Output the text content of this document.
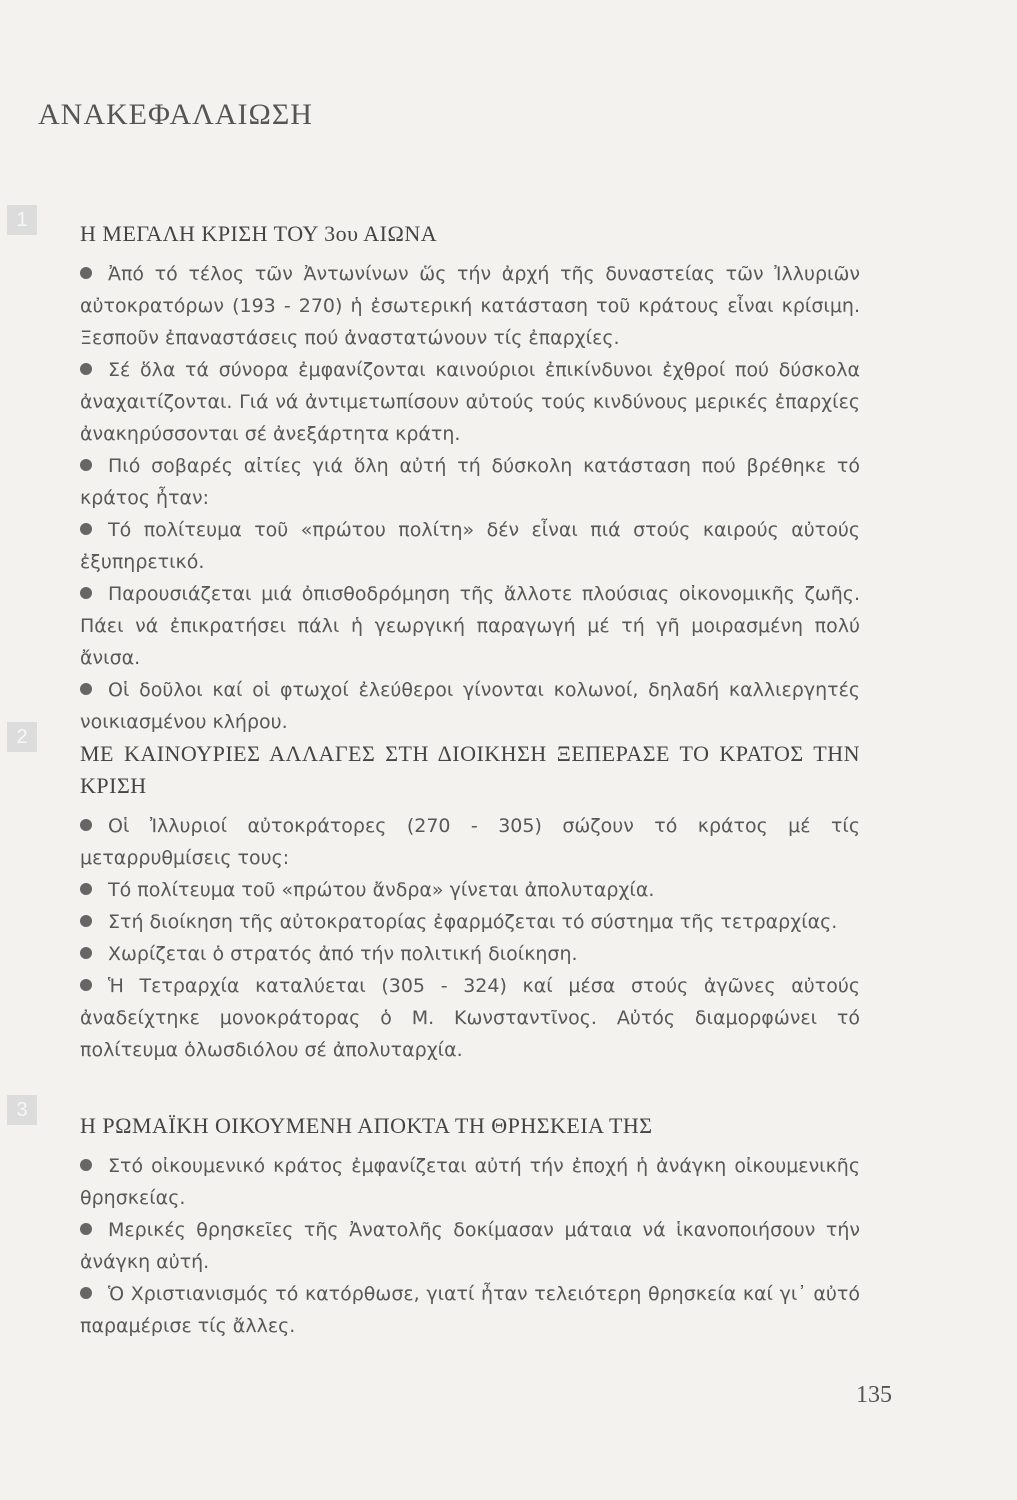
ΑΝΑΚΕΦΑΛΑΙΩΣΗ
1
Η ΜΕΓΑΛΗ ΚΡΙΣΗ ΤΟΥ 3ου ΑΙΩΝΑ

Ἀπό τό τέλος τῶν Ἀντωνίνων ὥς τήν ἀρχή τῆς δυναστείας τῶν Ἰλλυριῶν αὐτοκρατόρων (193 - 270) ἡ ἐσωτερική κατάσταση τοῦ κράτους εἶναι κρίσιμη. Ξεσποῦν ἐπαναστάσεις πού ἀναστατώνουν τίς ἐπαρχίες.

Σέ ὅλα τά σύνορα ἐμφανίζονται καινούριοι ἐπικίνδυνοι ἐχθροί πού δύσκολα ἀναχαιτίζονται. Γιά νά ἀντιμετωπίσουν αὐτούς τούς κινδύνους μερικές ἐπαρχίες ἀνακηρύσσονται σέ ἀνεξάρτητα κράτη.

Πιό σοβαρές αἰτίες γιά ὅλη αὐτή τή δύσκολη κατάσταση πού βρέθηκε τό κράτος ἦταν:

Τό πολίτευμα τοῦ «πρώτου πολίτη» δέν εἶναι πιά στούς καιρούς αὐτούς ἐξυπηρετικό.

Παρουσιάζεται μιά ὀπισθοδρόμηση τῆς ἄλλοτε πλούσιας οἰκονομικῆς ζωῆς. Πάει νά ἐπικρατήσει πάλι ἡ γεωργική παραγωγή μέ τή γῆ μοιρασμένη πολύ ἄνισα.

Οἱ δοῦλοι καί οἱ φτωχοί ἐλεύθεροι γίνονται κολωνοί, δηλαδή καλλιεργητές νοικιασμένου κλήρου.

2
ΜΕ ΚΑΙΝΟΥΡΙΕΣ ΑΛΛΑΓΕΣ ΣΤΗ ΔΙΟΙΚΗΣΗ ΞΕΠΕΡΑΣΕ ΤΟ ΚΡΑΤΟΣ ΤΗΝ ΚΡΙΣΗ

Οἱ Ἰλλυριοί αὐτοκράτορες (270 - 305) σώζουν τό κράτος μέ τίς μεταρρυθμίσεις τους:

Τό πολίτευμα τοῦ «πρώτου ἄνδρα» γίνεται ἀπολυταρχία.

Στή διοίκηση τῆς αὐτοκρατορίας ἐφαρμόζεται τό σύστημα τῆς τετραρχίας.

Χωρίζεται ὁ στρατός ἀπό τήν πολιτική διοίκηση.

Ἡ Τετραρχία καταλύεται (305 - 324) καί μέσα στούς ἀγῶνες αὐτούς ἀναδείχτηκε μονοκράτορας ὁ Μ. Κωνσταντῖνος. Αὐτός διαμορφώνει τό πολίτευμα ὁλωσδιόλου σέ ἀπολυταρχία.

3
Η ΡΩΜΑΪΚΗ ΟΙΚΟΥΜΕΝΗ ΑΠΟΚΤΑ ΤΗ ΘΡΗΣΚΕΙΑ ΤΗΣ

Στό οἰκουμενικό κράτος ἐμφανίζεται αὐτή τήν ἐποχή ἡ ἀνάγκη οἰκουμενικῆς θρησκείας.

Μερικές θρησκεῖες τῆς Ἀνατολῆς δοκίμασαν μάταια νά ἱκανοποιήσουν τήν ἀνάγκη αὐτή.

Ὁ Χριστιανισμός τό κατόρθωσε, γιατί ἦταν τελειότερη θρησκεία καί γι᾽ αὐτό παραμέρισε τίς ἄλλες.

135
